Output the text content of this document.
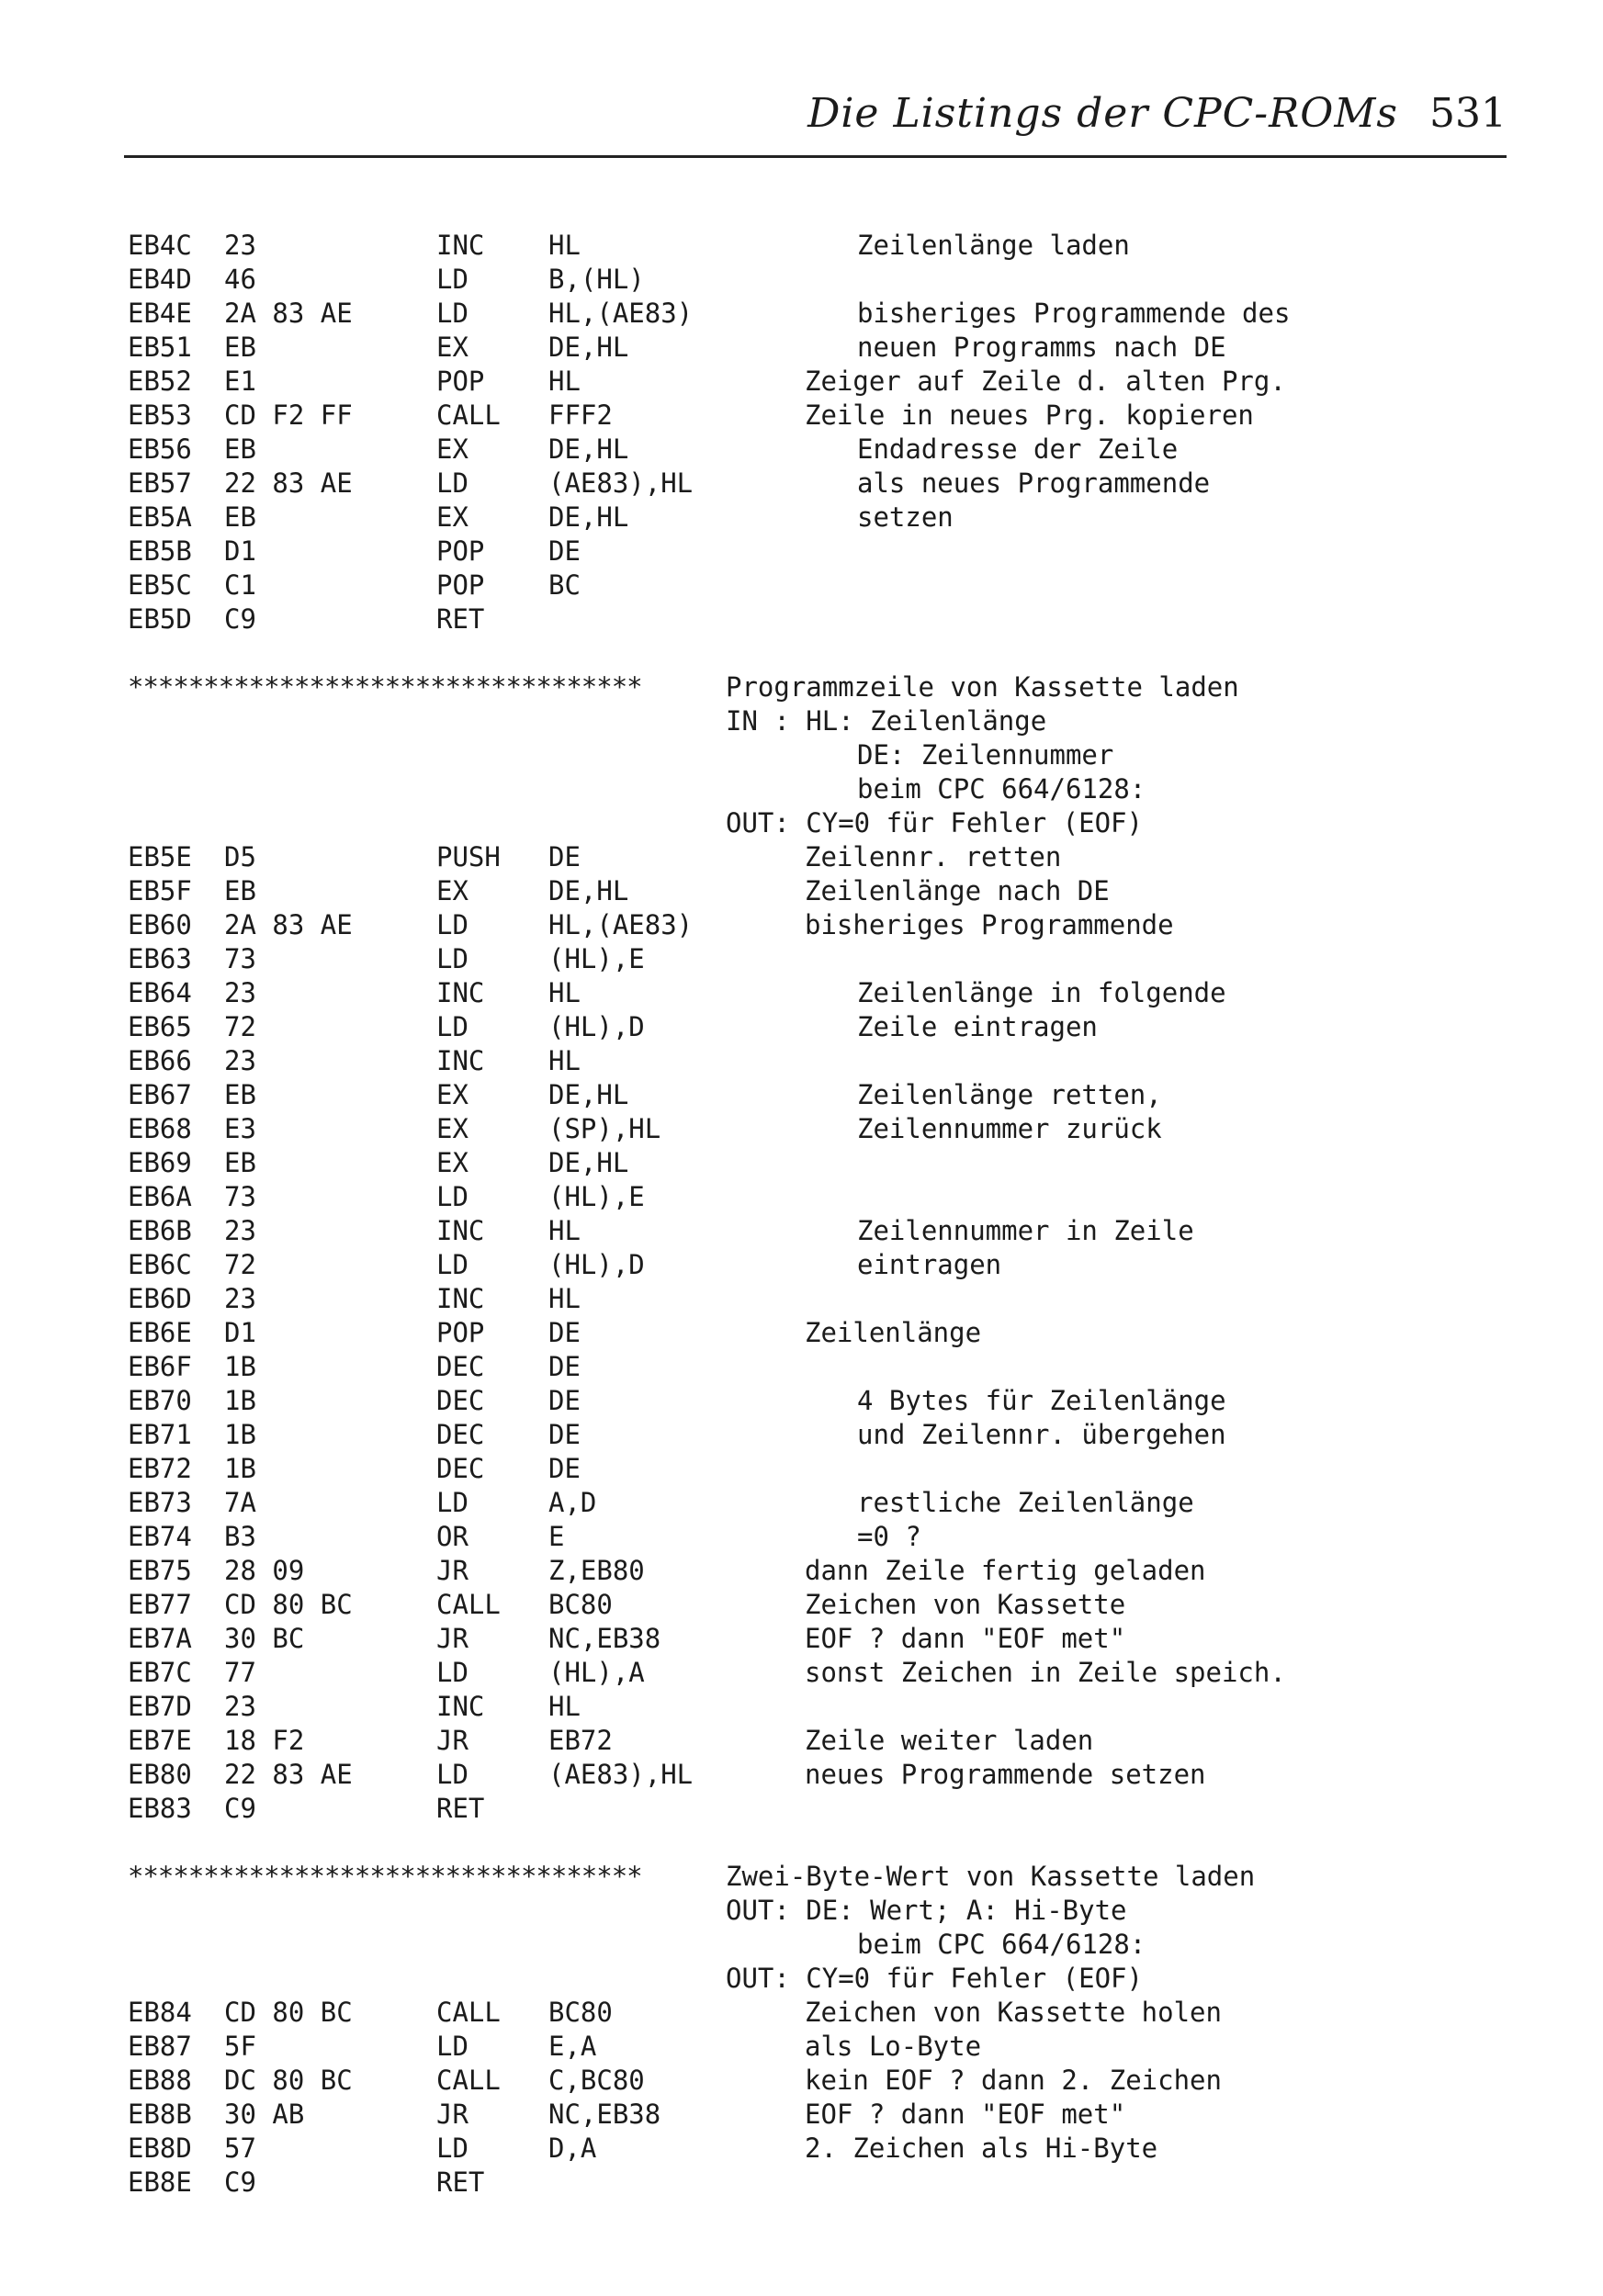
Die Listings der CPC-ROMs 531
EB4C 23	INC HL	Zeilenlänge laden
EB4D 46	LD	B,(HL)
EB4E 2A 83 AE	LD	HL,(AE83)	bisheriges Programmende des
EB51 EB	EX	DE,HL	neuen Programms nach DE
EB52 E1	POP HL	Zeiger auf Zeile d. alten Prg.
EB53 CD F2 FF	CALL FFF2	Zeile in neues Prg. kopieren
EB56 EB	EX	DE,HL	Endadresse der Zeile
EB57 22 83 AE	LD	(AE83),HL	als neues Programmende
EB5A EB	EX	DE,HL	setzen
EB5B D1	POP DE
EB5C C1	POP BC
EB5D C9	RET
**********************************	Programmzeile von Kassette laden
IN : HL: Zeilenlänge
DE: Zeilennummer
beim CPC 664/6128:
OUT: CY=0 für Fehler (EOF)
EB5E D5	PUSH DE	Zeilennr. retten
EB5F EB	EX	DE,HL	Zeilenlänge nach DE
EB60 2A 83 AE	LD	HL,(AE83)	bisheriges Programmende
EB63 73	LD	(HL),E
EB64 23	INC HL	Zeilenlänge in folgende
EB65 72	LD	(HL),D	Zeile eintragen
EB66 23	INC HL
EB67 EB	EX	DE,HL	Zeilenlänge retten,
EB68 E3	EX	(SP),HL	Zeilennummer zurück
EB69 EB	EX	DE,HL
EB6A 73	LD	(HL),E
EB6B 23	INC HL	Zeilennummer in Zeile
EB6C 72	LD	(HL),D	eintragen
EB6D 23	INC HL
EB6E D1	POP DE	Zeilenlänge
EB6F 1B	DEC DE
EB70 1B	DEC DE	4 Bytes für Zeilenlänge
EB71 1B	DEC DE	und Zeilennr. übergehen
EB72 1B	DEC DE
EB73 7A	LD	A,D	restliche Zeilenlänge
EB74 B3	OR	E	=0 ?
EB75 28 09	JR	Z,EB80	dann Zeile fertig geladen
EB77 CD 80 BC	CALL BC80	Zeichen von Kassette
EB7A 30 BC	JR	NC,EB38	EOF ? dann "EOF met"
EB7C 77	LD	(HL),A	sonst Zeichen in Zeile speich.
EB7D 23	INC HL
EB7E 18 F2	JR	EB72	Zeile weiter laden
EB80 22 83 AE	LD	(AE83),HL	neues Programmende setzen
EB83 C9	RET
**********************************	Zwei-Byte-Wert von Kassette laden
OUT: DE: Wert; A: Hi-Byte
beim CPC 664/6128:
OUT: CY=0 für Fehler (EOF)
EB84 CD 80 BC	CALL BC80	Zeichen von Kassette holen
EB87 5F	LD	E,A	als Lo-Byte
EB88 DC 80 BC	CALL C,BC80	kein EOF ? dann 2. Zeichen
EB8B 30 AB	JR	NC,EB38	EOF ? dann "EOF met"
EB8D 57	LD	D,A	2. Zeichen als Hi-Byte
EB8E C9	RET
